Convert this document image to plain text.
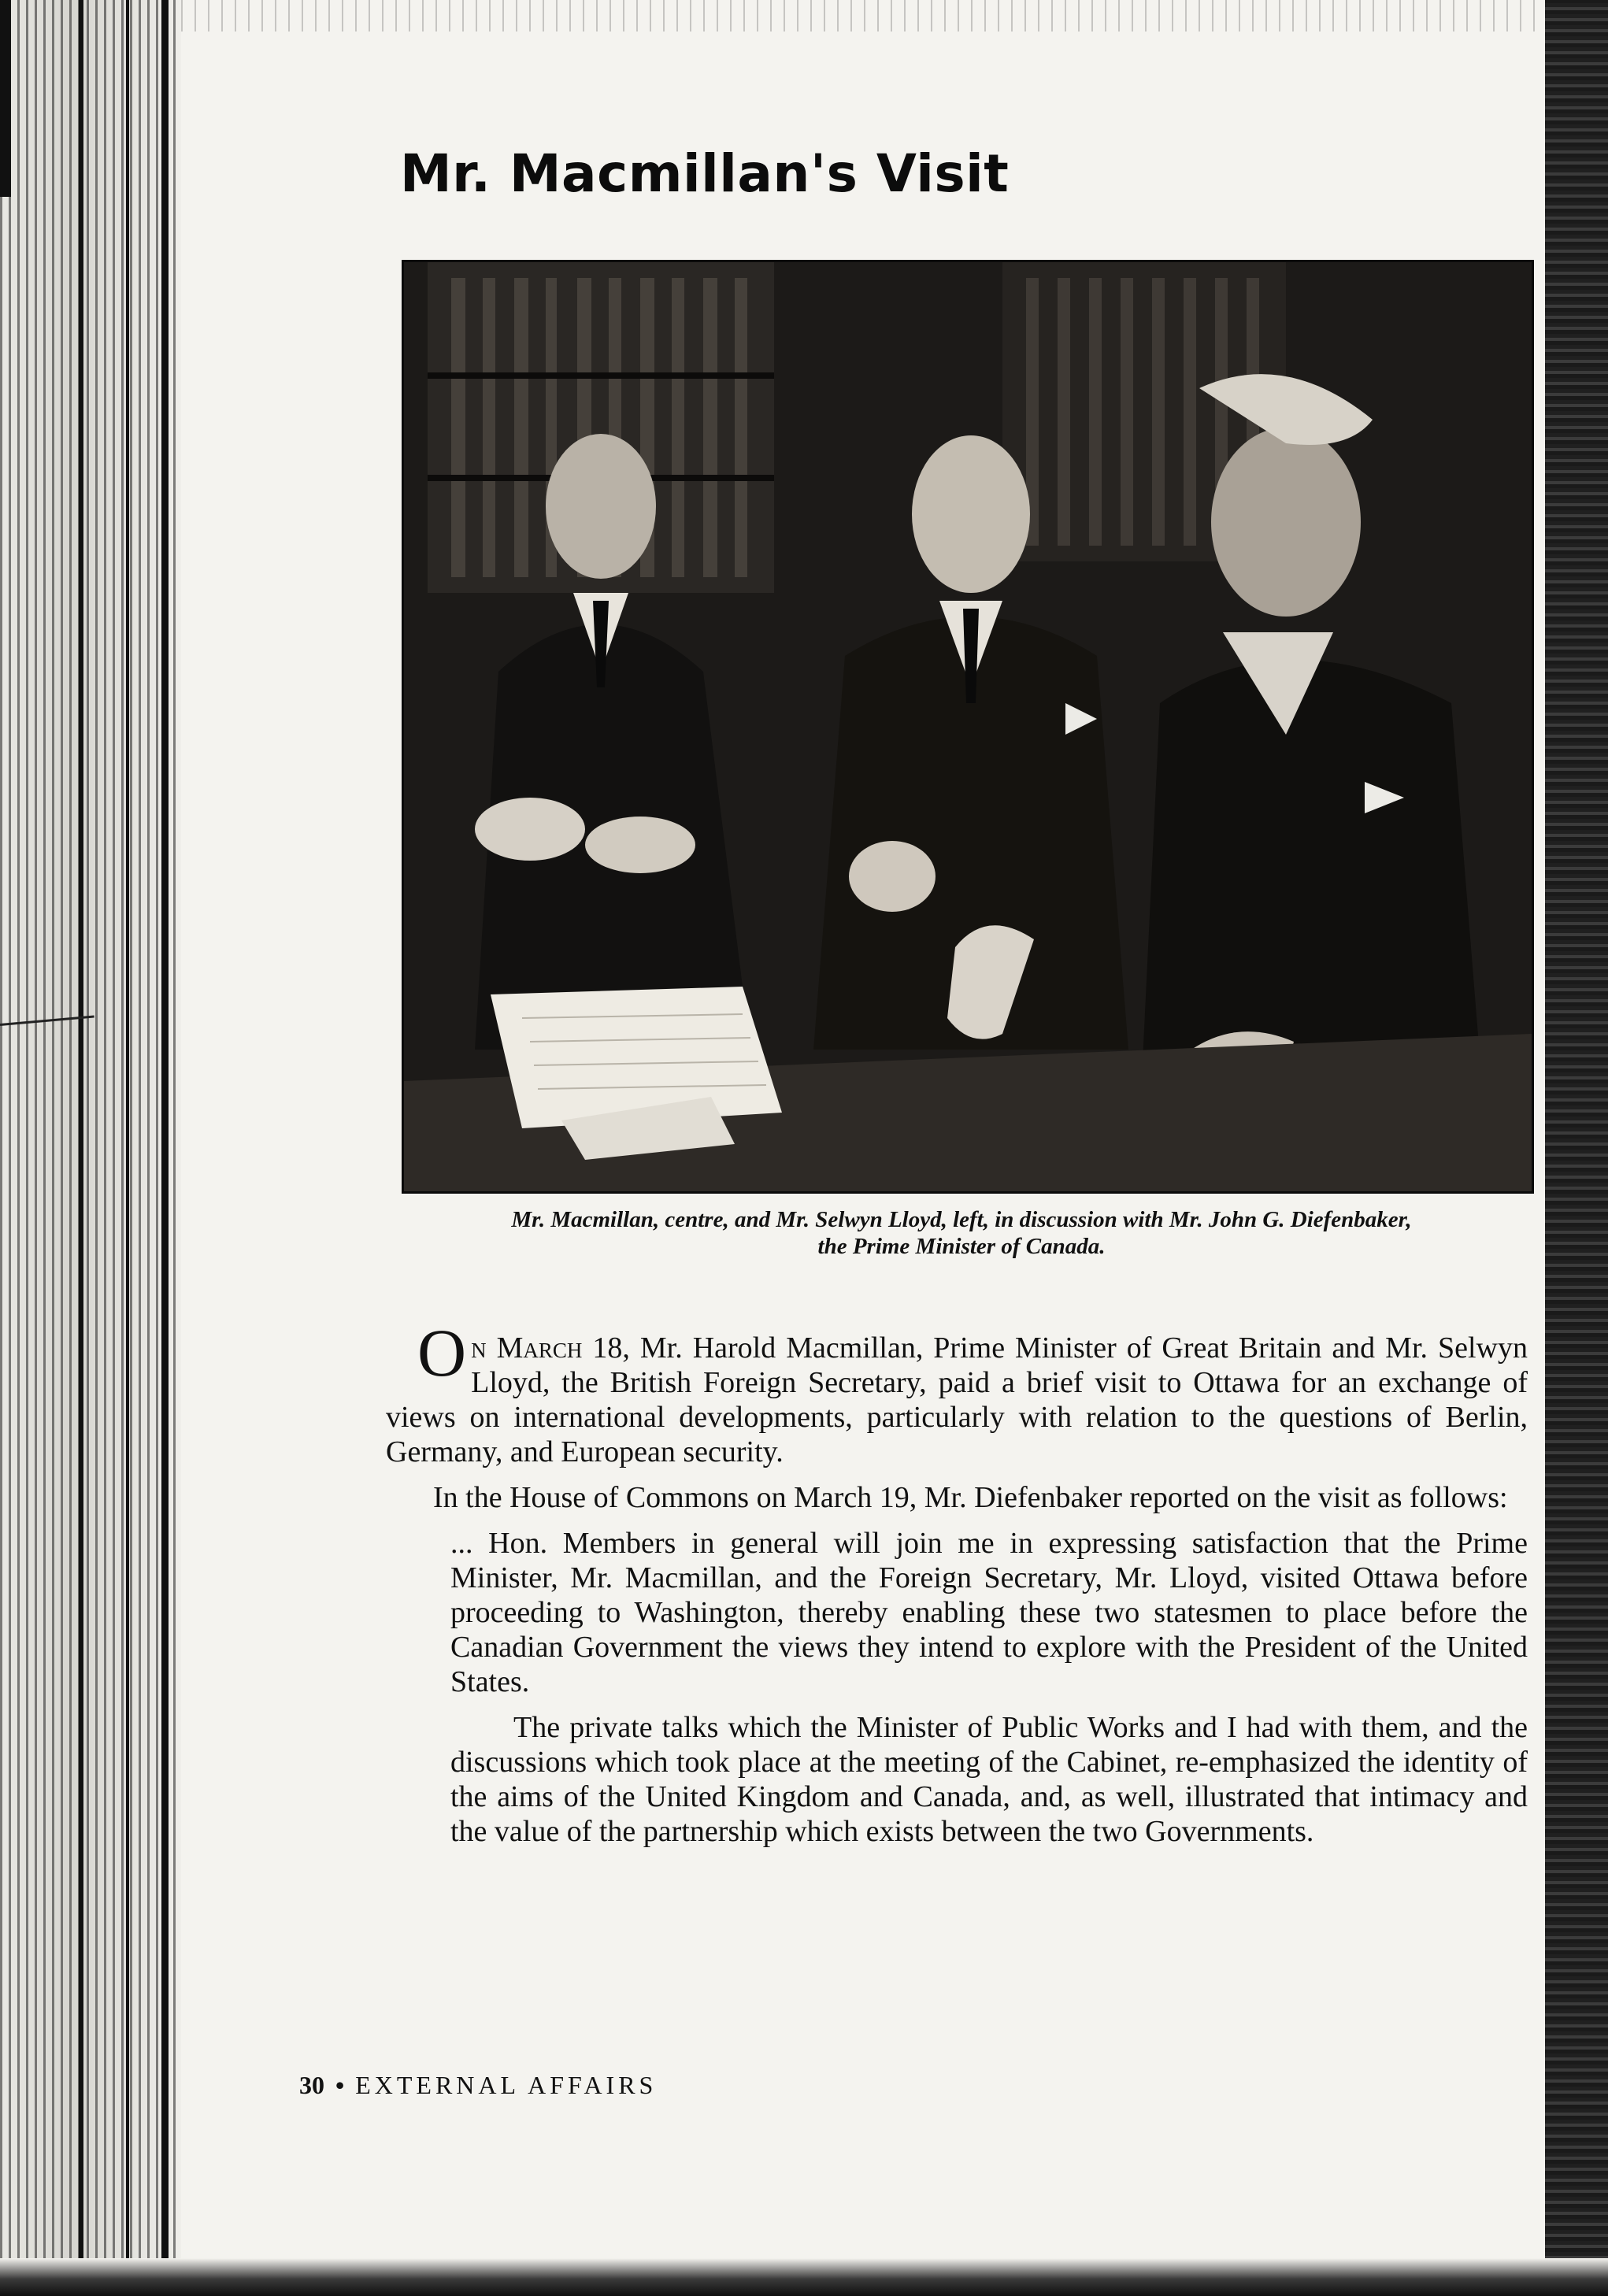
Mr. Macmillan's Visit
Mr. Macmillan, centre, and Mr. Selwyn Lloyd, left, in discussion with Mr. John G. Diefenbaker,
the Prime Minister of Canada.

On March 18, Mr. Harold Macmillan, Prime Minister of Great Britain and Mr. Selwyn Lloyd, the British Foreign Secretary, paid a brief visit to Ottawa for an exchange of views on international developments, particularly with relation to the questions of Berlin, Germany, and European security.

In the House of Commons on March 19, Mr. Diefenbaker reported on the visit as follows:

... Hon. Members in general will join me in expressing satisfaction that the Prime Minister, Mr. Macmillan, and the Foreign Secretary, Mr. Lloyd, visited Ottawa before proceeding to Washington, thereby enabling these two statesmen to place before the Canadian Government the views they intend to explore with the President of the United States.

The private talks which the Minister of Public Works and I had with them, and the discussions which took place at the meeting of the Cabinet, re-emphasized the identity of the aims of the United Kingdom and Canada, and, as well, illustrated that intimacy and the value of the partnership which exists between the two Governments.

30 • EXTERNAL AFFAIRS
